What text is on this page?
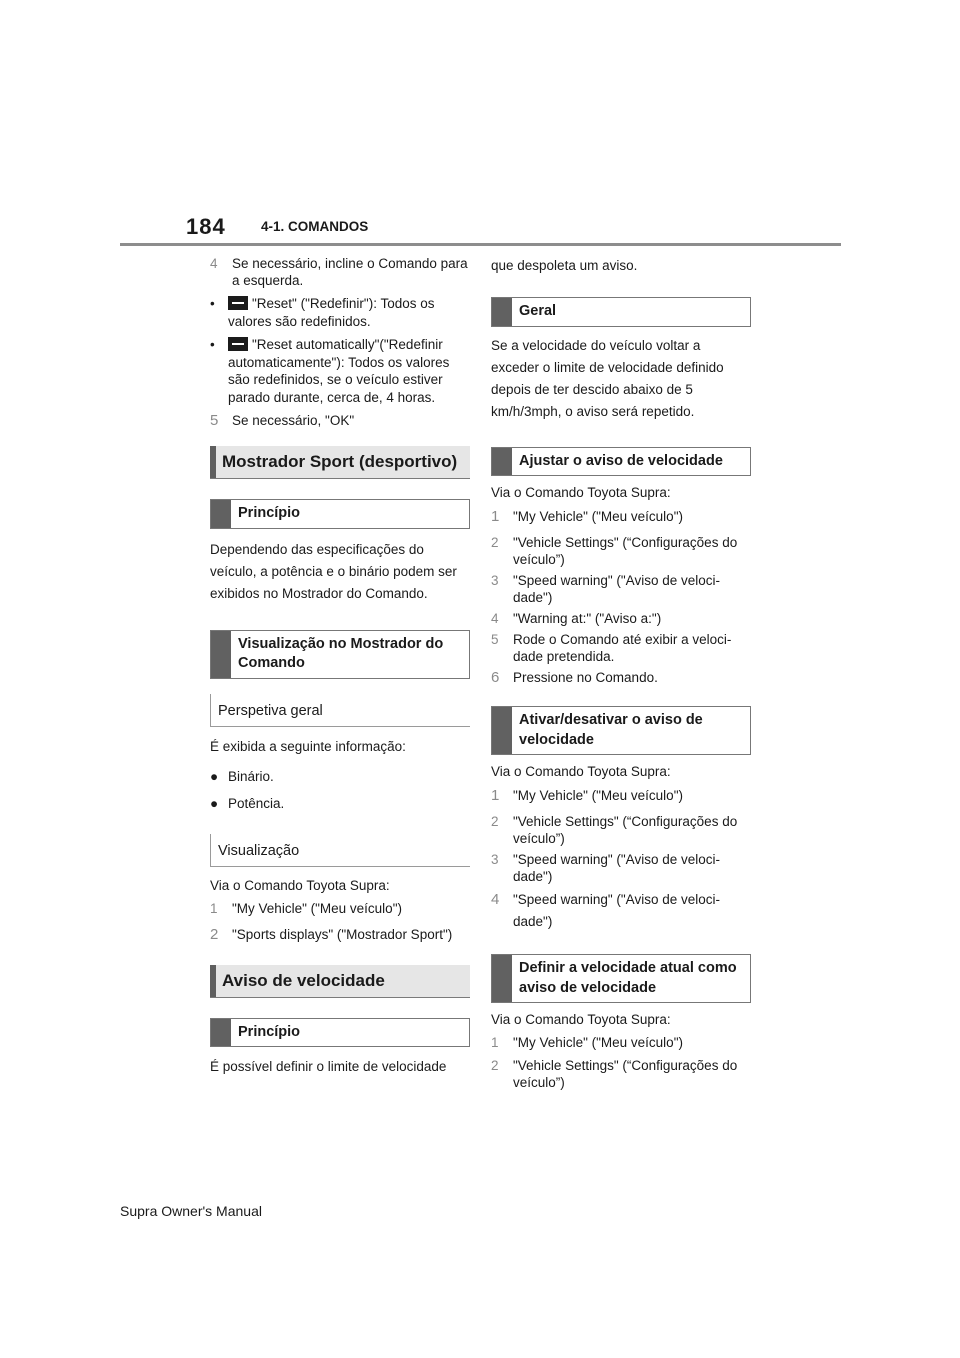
184	4-1. COMANDOS
4	Se necessário, incline o Comando para a esquerda.
•	"Reset" ("Redefinir"): Todos os valores são redefinidos.
•	"Reset automatically"("Redefinir automaticamente"): Todos os valores são redefinidos, se o veículo estiver parado durante, cerca de, 4 horas.
5	Se necessário, "OK"
Mostrador Sport (desportivo)
Princípio

Dependendo das especificações do veículo, a potência e o binário podem ser exibidos no Mostrador do Comando.

Visualização no Mostrador do Comando
Perspetiva geral

É exibida a seguinte informação:

● Binário.
● Potência.
Visualização

Via o Comando Toyota Supra:

1	"My Vehicle" ("Meu veículo")
2	"Sports displays" ("Mostrador Sport")
Aviso de velocidade
Princípio

É possível definir o limite de velocidade

que despoleta um aviso.

Geral

Se a velocidade do veículo voltar a exceder o limite de velocidade definido depois de ter descido abaixo de 5 km/h/3mph, o aviso será repetido.

Ajustar o aviso de velocidade

Via o Comando Toyota Supra:

1	"My Vehicle" ("Meu veículo")
2	"Vehicle Settings" (“Configurações do veículo”)
3	"Speed warning" ("Aviso de veloci-dade")
4	"Warning at:" ("Aviso a:")
5	Rode o Comando até exibir a veloci-dade pretendida.
6	Pressione no Comando.
Ativar/desativar o aviso de velocidade

Via o Comando Toyota Supra:

1	"My Vehicle" ("Meu veículo")
2	"Vehicle Settings" (“Configurações do veículo”)
3	"Speed warning" ("Aviso de veloci-dade")
4	"Speed warning" ("Aviso de veloci-dade")
Definir a velocidade atual como aviso de velocidade

Via o Comando Toyota Supra:

1	"My Vehicle" ("Meu veículo")
2	"Vehicle Settings" (“Configurações do veículo”)
Supra Owner's Manual
